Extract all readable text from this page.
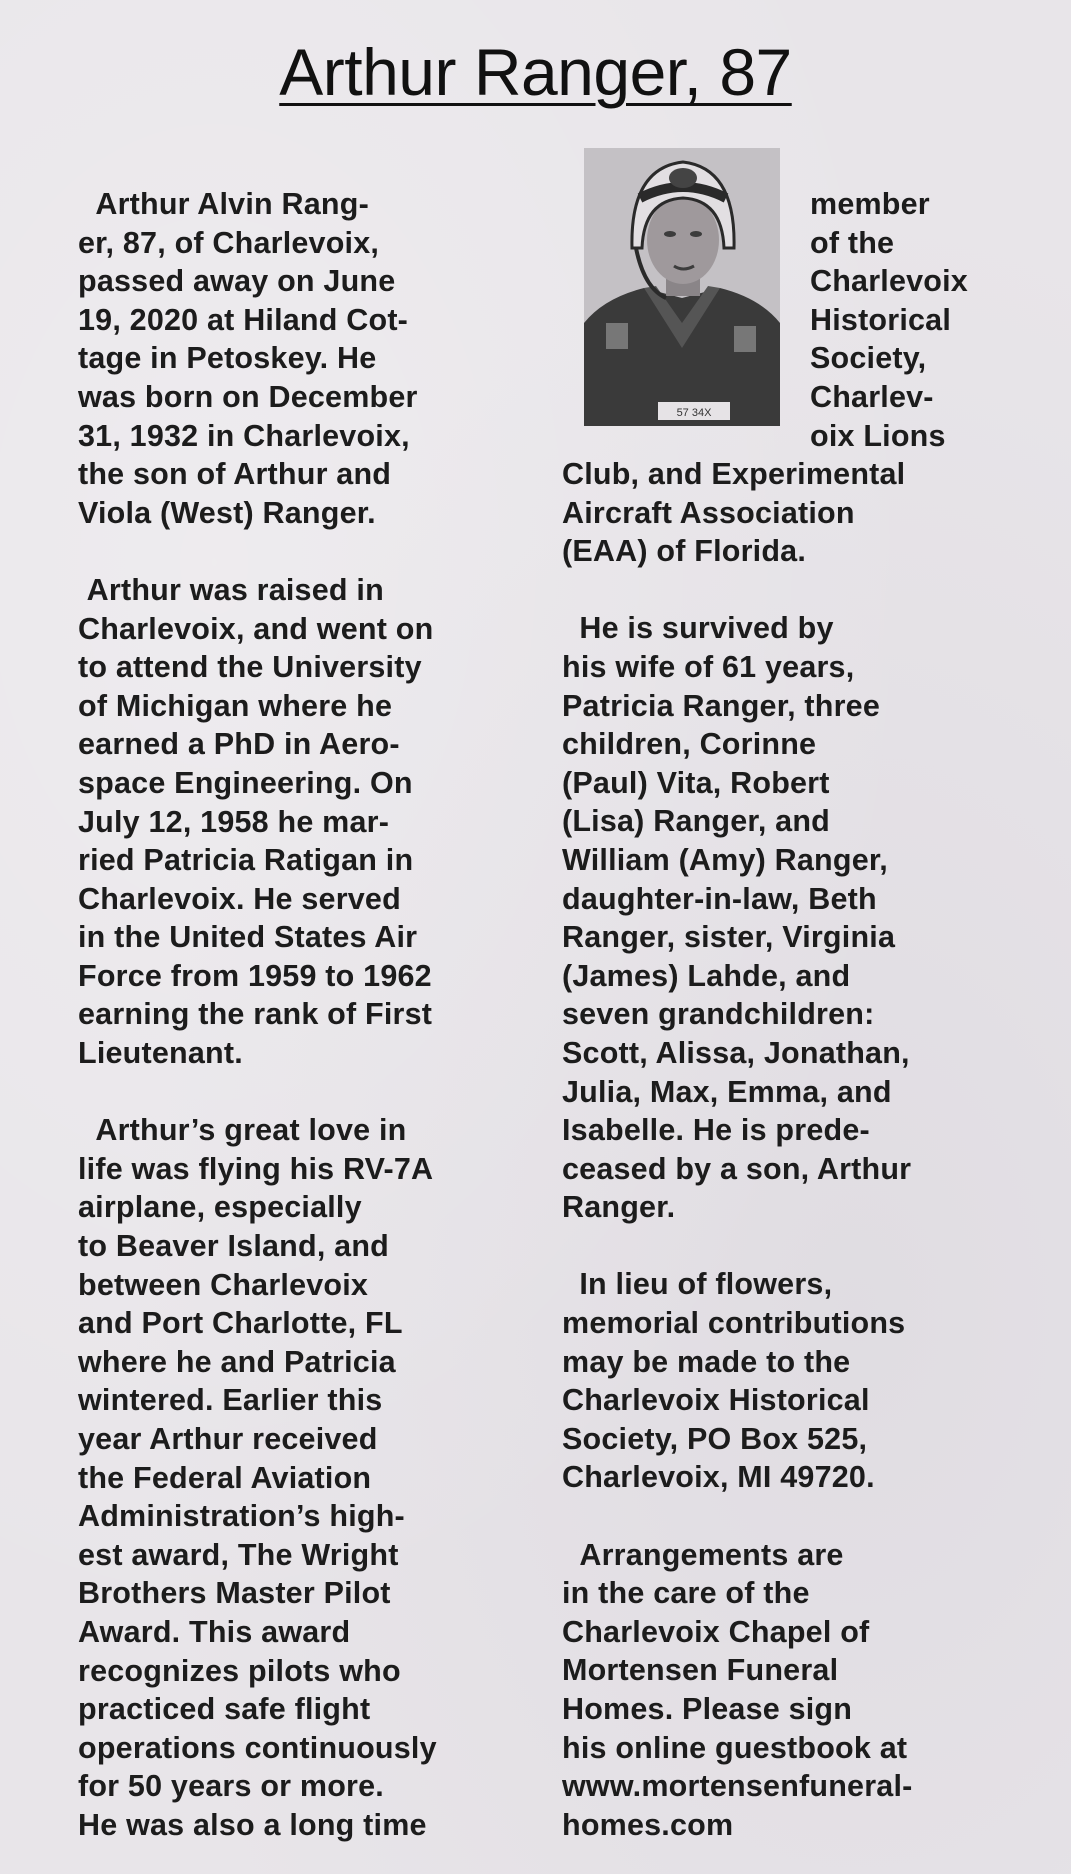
Arthur Ranger, 87
57 34X

Arthur Alvin Rang-

er, 87, of Charlevoix,

passed away on June

19, 2020 at Hiland Cot-

tage in Petoskey. He

was born on December

31, 1932 in Charlevoix,

the son of Arthur and

Viola (West) Ranger.

Arthur was raised in

Charlevoix, and went on

to attend the University

of Michigan where he

earned a PhD in Aero-

space Engineering. On

July 12, 1958 he mar-

ried Patricia Ratigan in

Charlevoix. He served

in the United States Air

Force from 1959 to 1962

earning the rank of First

Lieutenant.

Arthur’s great love in

life was flying his RV-7A

airplane, especially

to Beaver Island, and

between Charlevoix

and Port Charlotte, FL

where he and Patricia

wintered. Earlier this

year Arthur received

the Federal Aviation

Administration’s high-

est award, The Wright

Brothers Master Pilot

Award. This award

recognizes pilots who

practiced safe flight

operations continuously

for 50 years or more.

He was also a long time

member

of the

Charlevoix

Historical

Society,

Charlev-

oix Lions

Club, and Experimental

Aircraft Association

(EAA) of Florida.

He is survived by

his wife of 61 years,

Patricia Ranger, three

children, Corinne

(Paul) Vita, Robert

(Lisa) Ranger, and

William (Amy) Ranger,

daughter-in-law, Beth

Ranger, sister, Virginia

(James) Lahde, and

seven grandchildren:

Scott, Alissa, Jonathan,

Julia, Max, Emma, and

Isabelle. He is prede-

ceased by a son, Arthur

Ranger.

In lieu of flowers,

memorial contributions

may be made to the

Charlevoix Historical

Society, PO Box 525,

Charlevoix, MI 49720.

Arrangements are

in the care of the

Charlevoix Chapel of

Mortensen Funeral

Homes. Please sign

his online guestbook at

www.mortensenfuneral-

homes.com
